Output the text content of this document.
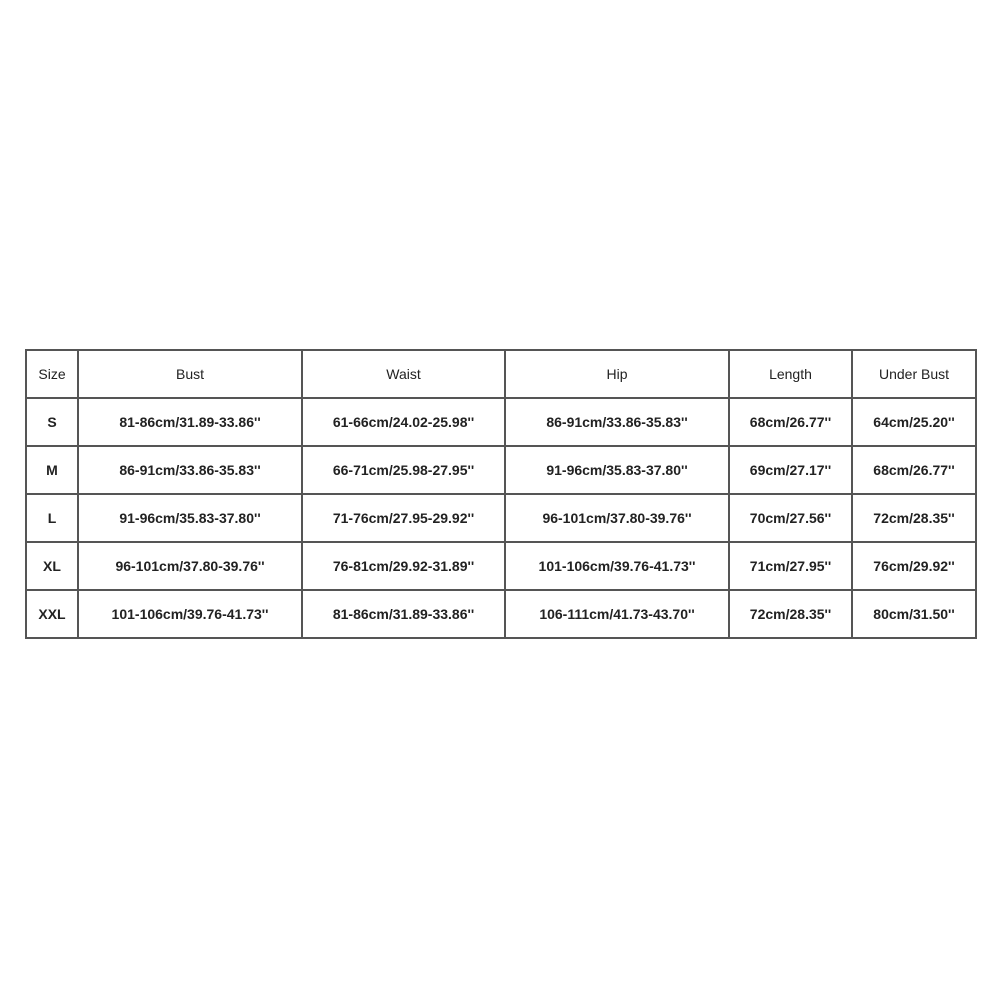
Size	Bust	Waist	Hip	Length	Under Bust
S	81-86cm/31.89-33.86''	61-66cm/24.02-25.98''	86-91cm/33.86-35.83''	68cm/26.77''	64cm/25.20''
M	86-91cm/33.86-35.83''	66-71cm/25.98-27.95''	91-96cm/35.83-37.80''	69cm/27.17''	68cm/26.77''
L	91-96cm/35.83-37.80''	71-76cm/27.95-29.92''	96-101cm/37.80-39.76''	70cm/27.56''	72cm/28.35''
XL	96-101cm/37.80-39.76''	76-81cm/29.92-31.89''	101-106cm/39.76-41.73''	71cm/27.95''	76cm/29.92''
XXL	101-106cm/39.76-41.73''	81-86cm/31.89-33.86''	106-111cm/41.73-43.70''	72cm/28.35''	80cm/31.50''
